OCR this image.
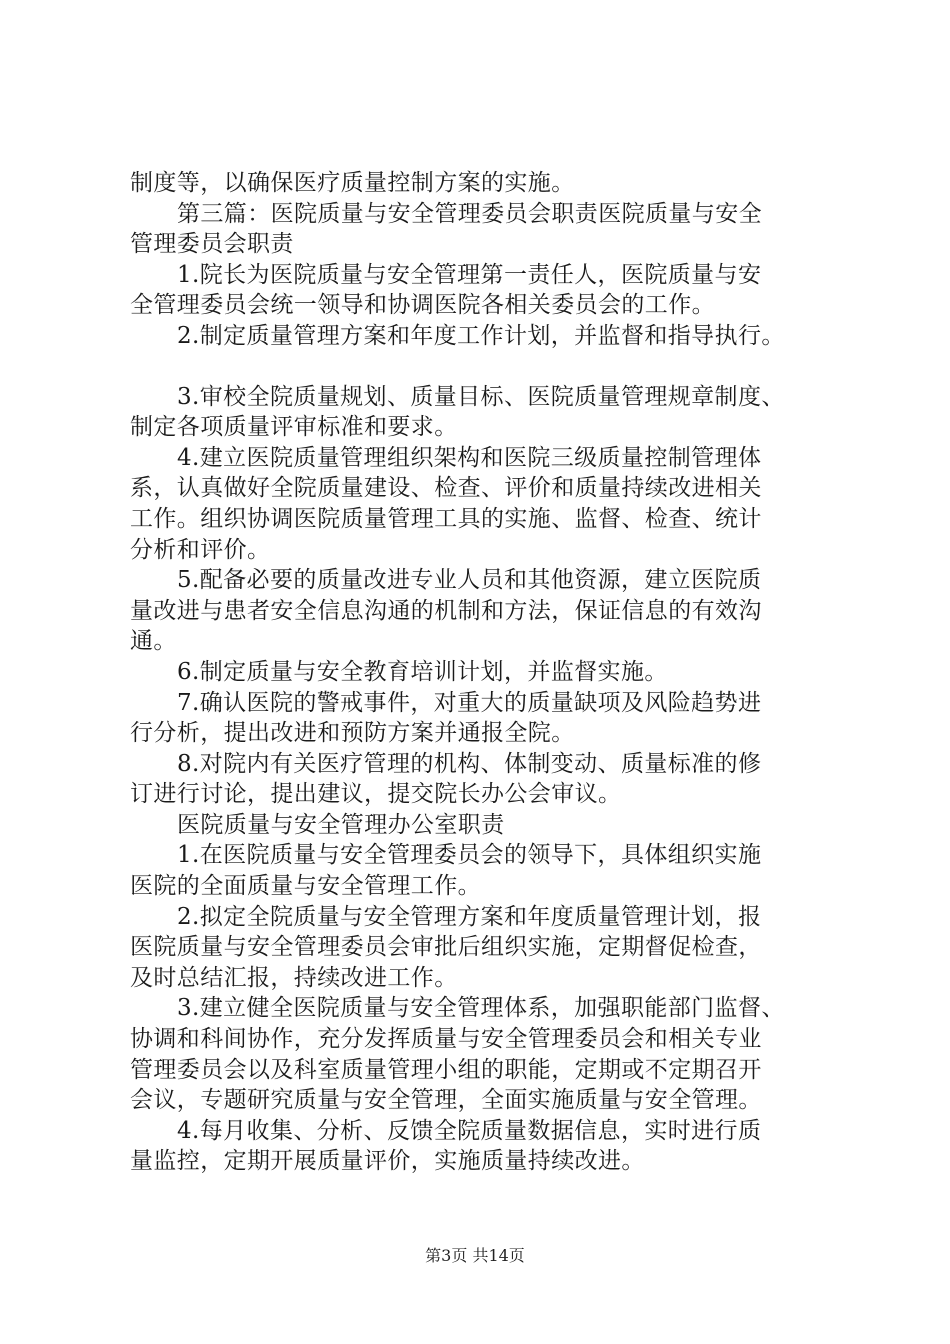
制度等，以确保医疗质量控制方案的实施。
第三篇：医院质量与安全管理委员会职责医院质量与安全
管理委员会职责
1.院长为医院质量与安全管理第一责任人，医院质量与安
全管理委员会统一领导和协调医院各相关委员会的工作。
2.制定质量管理方案和年度工作计划，并监督和指导执行。
3.审校全院质量规划、质量目标、医院质量管理规章制度、
制定各项质量评审标准和要求。
4.建立医院质量管理组织架构和医院三级质量控制管理体
系，认真做好全院质量建设、检查、评价和质量持续改进相关
工作。组织协调医院质量管理工具的实施、监督、检查、统计
分析和评价。
5.配备必要的质量改进专业人员和其他资源，建立医院质
量改进与患者安全信息沟通的机制和方法，保证信息的有效沟
通。
6.制定质量与安全教育培训计划，并监督实施。
7.确认医院的警戒事件，对重大的质量缺项及风险趋势进
行分析，提出改进和预防方案并通报全院。
8.对院内有关医疗管理的机构、体制变动、质量标准的修
订进行讨论，提出建议，提交院长办公会审议。
医院质量与安全管理办公室职责
1.在医院质量与安全管理委员会的领导下，具体组织实施
医院的全面质量与安全管理工作。
2.拟定全院质量与安全管理方案和年度质量管理计划，报
医院质量与安全管理委员会审批后组织实施，定期督促检查，
及时总结汇报，持续改进工作。
3.建立健全医院质量与安全管理体系，加强职能部门监督、
协调和科间协作，充分发挥质量与安全管理委员会和相关专业
管理委员会以及科室质量管理小组的职能，定期或不定期召开
会议，专题研究质量与安全管理，全面实施质量与安全管理。
4.每月收集、分析、反馈全院质量数据信息，实时进行质
量监控，定期开展质量评价，实施质量持续改进。
第3页 共14页
